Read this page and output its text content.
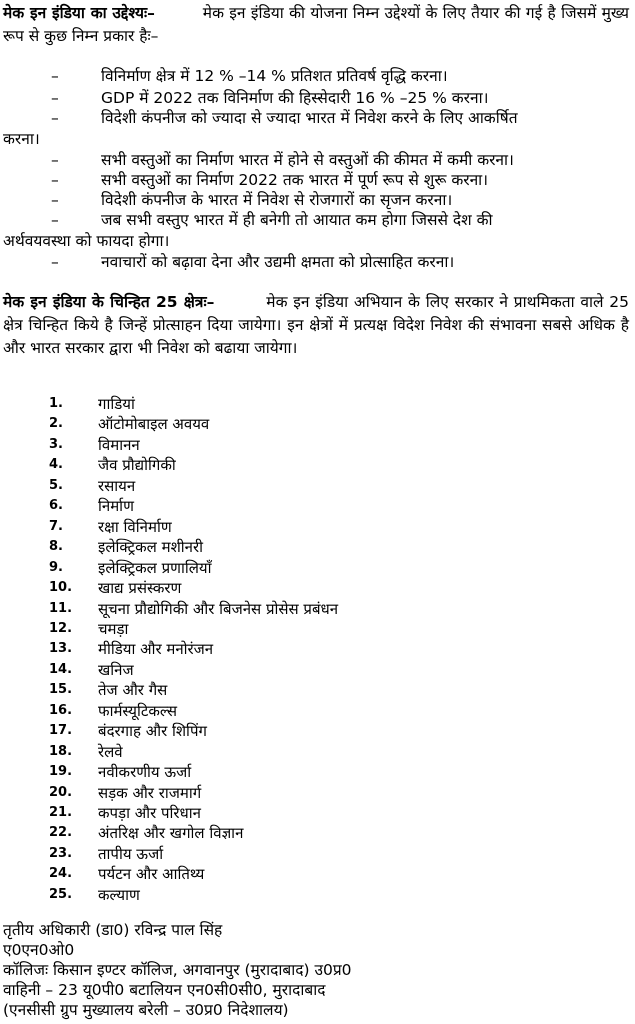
मेक इन इंडिया का उद्देश्यः–	मेक इन इंडिया की योजना निम्न उद्देश्यों के लिए तैयार की गई है जिसमें मुख्य रूप से कुछ निम्न प्रकार हैः–
–	विनिर्माण क्षेत्र में 12 % –14 % प्रतिशत प्रतिवर्ष वृद्धि करना।
–	GDP में 2022 तक विनिर्माण की हिस्सेदारी 16 % –25 % करना।
–	विदेशी कंपनीज को ज्यादा से ज्यादा भारत में निवेश करने के लिए आकर्षित
करना।
–	सभी वस्तुओं का निर्माण भारत में होने से वस्तुओं की कीमत में कमी करना।
–	सभी वस्तुओं का निर्माण 2022 तक भारत में पूर्ण रूप से शुरू करना।
–	विदेशी कंपनीज के भारत में निवेश से रोजगारों का सृजन करना।
–	जब सभी वस्तुए भारत में ही बनेगी तो आयात कम होगा जिससे देश की
अर्थवयवस्था को फायदा होगा।
–	नवाचारों को बढ़ावा देना और उद्यमी क्षमता को प्रोत्साहित करना।
मेक इन इंडिया के चिन्हित 25 क्षेत्रः–	मेक इन इंडिया अभियान के लिए सरकार ने प्राथमिकता वाले 25 क्षेत्र चिन्हित किये है जिन्हें प्रोत्साहन दिया जायेगा। इन क्षेत्रों में प्रत्यक्ष विदेश निवेश की संभावना सबसे अधिक है और भारत सरकार द्वारा भी निवेश को बढाया जायेगा।
1. गाडियां
2. ऑटोमोबाइल अवयव
3. विमानन
4. जैव प्रौद्योगिकी
5. रसायन
6. निर्माण
7. रक्षा विनिर्माण
8. इलेक्ट्रिकल मशीनरी
9. इलेक्ट्रिकल प्रणालियाँ
10. खाद्य प्रसंस्करण
11. सूचना प्रौद्योगिकी और बिजनेस प्रोसेस प्रबंधन
12. चमड़ा
13. मीडिया और मनोरंजन
14. खनिज
15. तेज और गैस
16. फार्मस्यूटिकल्स
17. बंदरगाह और शिपिंग
18. रेलवे
19. नवीकरणीय ऊर्जा
20. सड़क और राजमार्ग
21. कपड़ा और परिधान
22. अंतरिक्ष और खगोल विज्ञान
23. तापीय ऊर्जा
24. पर्यटन और आतिथ्य
25. कल्याण
तृतीय अधिकारी (डा0) रविन्द्र पाल सिंह
ए0एन0ओ0
कॉलिजः किसान इण्टर कॉलिज, अगवानपुर (मुरादाबाद) उ0प्र0
वाहिनी – 23 यू0पी0 बटालियन एन0सी0सी0, मुरादाबाद
(एनसीसी ग्रुप मुख्यालय बरेली – उ0प्र0 निदेशालय)
